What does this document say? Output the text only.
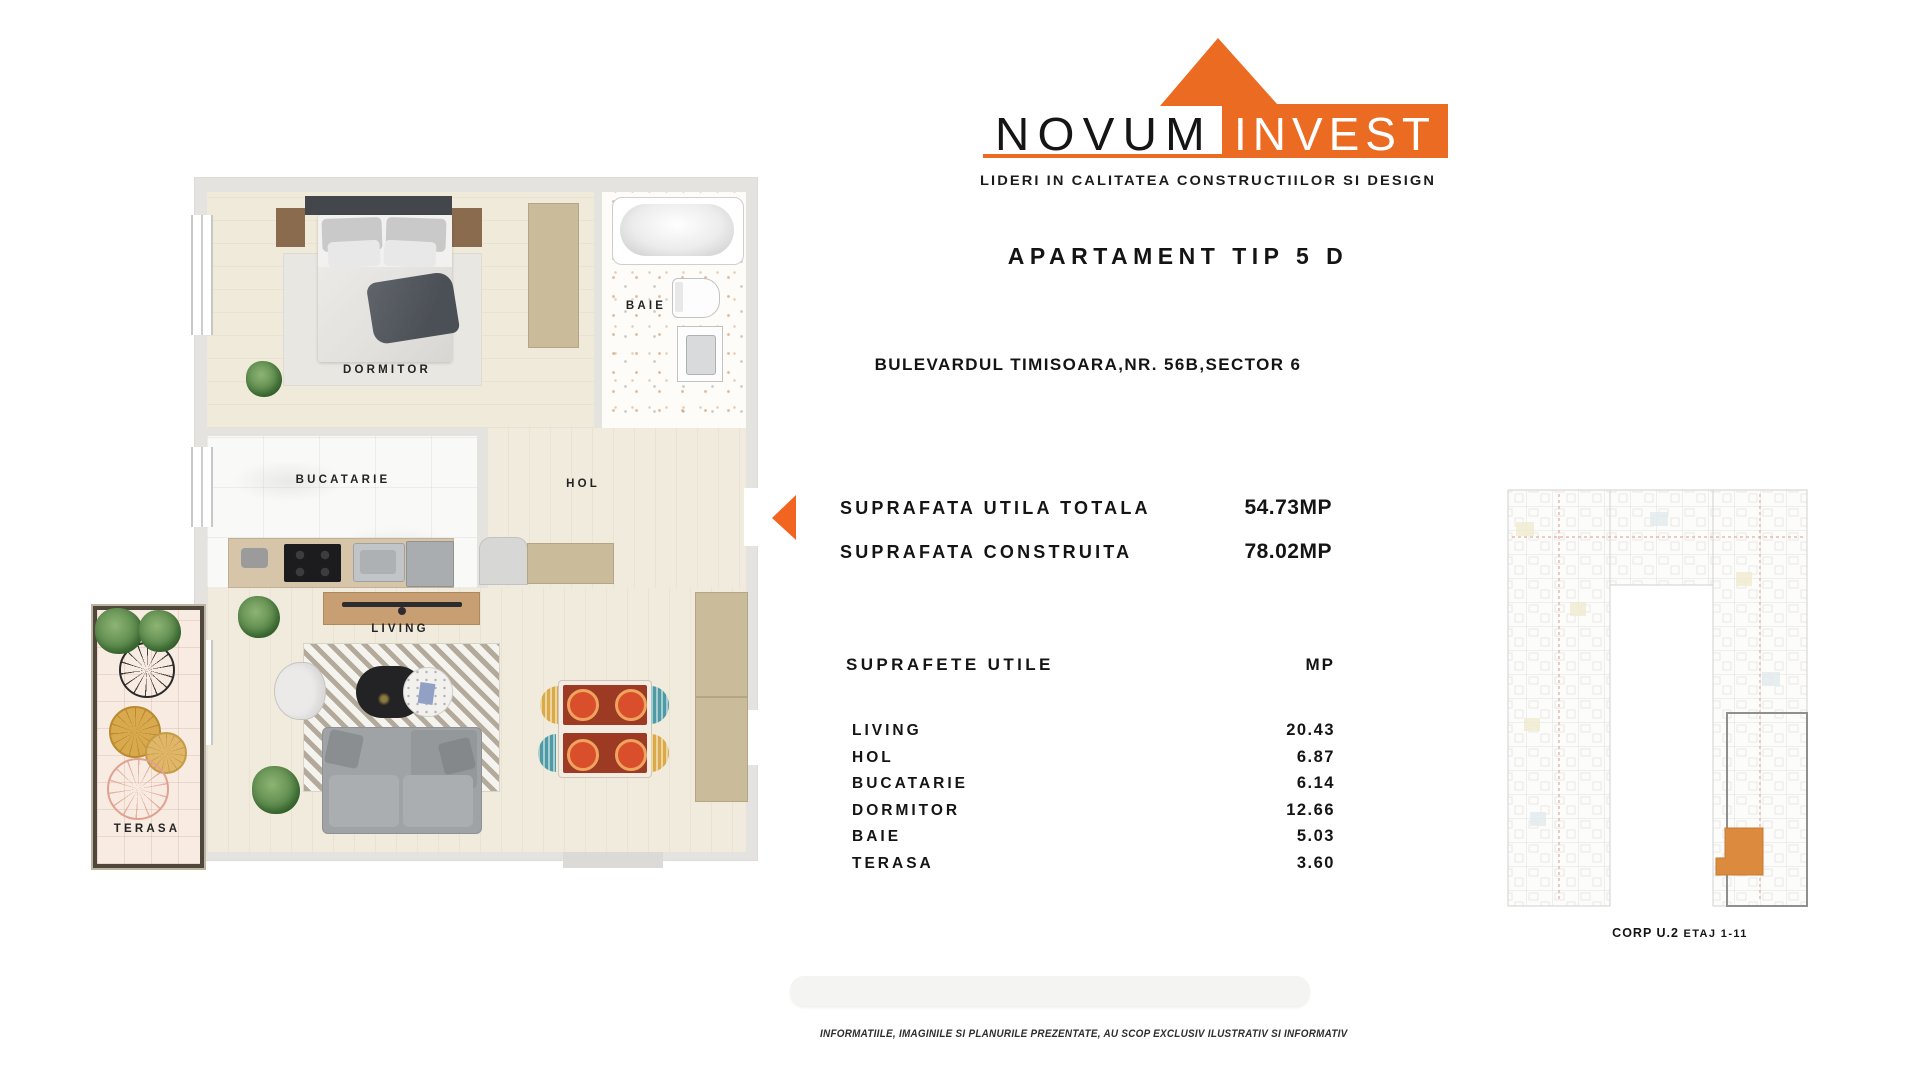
NOVUM INVEST
LIDERI IN CALITATEA CONSTRUCTIILOR SI DESIGN
APARTAMENT TIP 5 D
BULEVARDUL TIMISOARA,NR. 56B,SECTOR 6
SUPRAFATA UTILA TOTALA	54.73MP
SUPRAFATA CONSTRUITA	78.02MP
SUPRAFETE UTILE	MP
LIVING	20.43
HOL	6.87
BUCATARIE	6.14
DORMITOR	12.66
BAIE	5.03
TERASA	3.60
DORMITOR
BAIE
BUCATARIE	HOL
LIVING
TERASA
CORP U.2 ETAJ 1-11
INFORMATIILE, IMAGINILE SI PLANURILE PREZENTATE, AU SCOP EXCLUSIV ILUSTRATIV SI INFORMATIV
